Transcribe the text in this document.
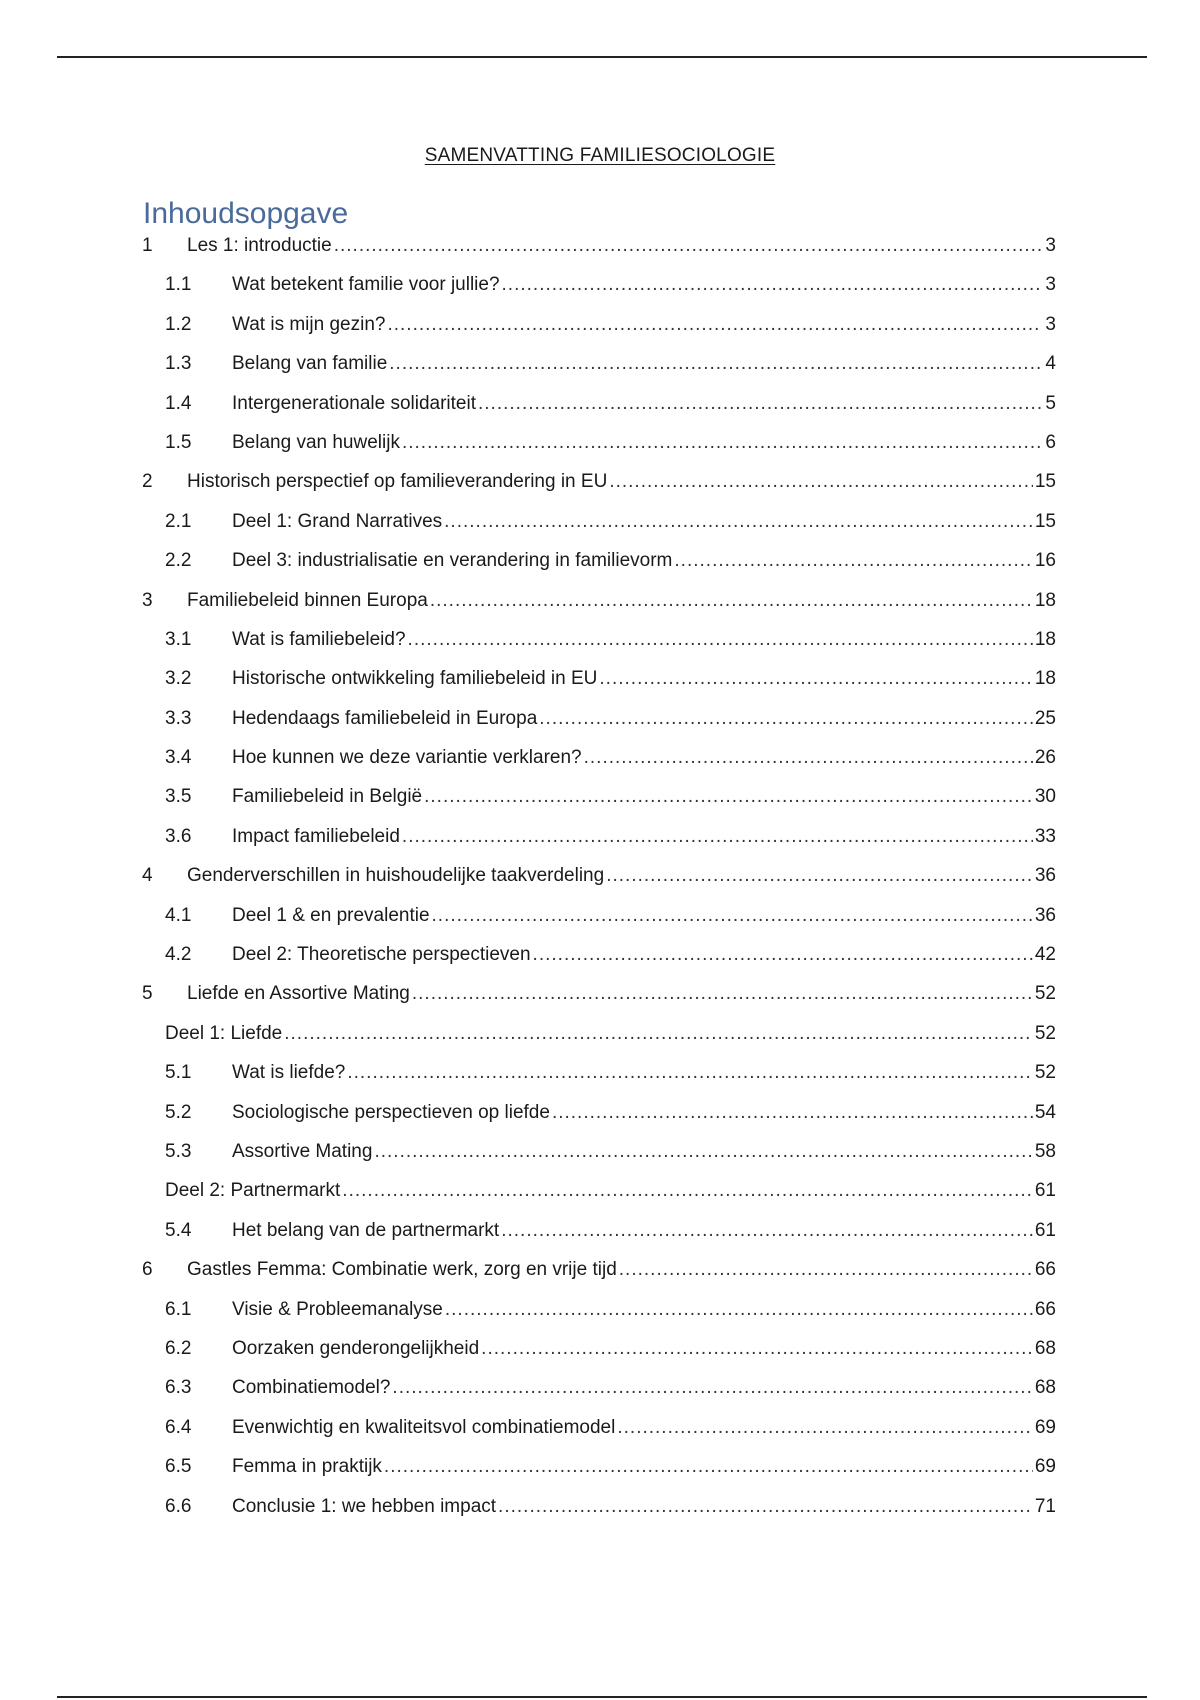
SAMENVATTING FAMILIESOCIOLOGIE
Inhoudsopgave
1	Les 1: introductie .....	3
1.1	Wat betekent familie voor jullie? .....	3
1.2	Wat is mijn gezin? .....	3
1.3	Belang van familie .....	4
1.4	Intergenerationale solidariteit .....	5
1.5	Belang van huwelijk .....	6
2	Historisch perspectief op familieverandering in EU .....	15
2.1	Deel 1: Grand Narratives .....	15
2.2	Deel 3: industrialisatie en verandering in familievorm .....	16
3	Familiebeleid binnen Europa .....	18
3.1	Wat is familiebeleid? .....	18
3.2	Historische ontwikkeling familiebeleid in EU .....	18
3.3	Hedendaags familiebeleid in Europa .....	25
3.4	Hoe kunnen we deze variantie verklaren? .....	26
3.5	Familiebeleid in België .....	30
3.6	Impact familiebeleid .....	33
4	Genderverschillen in huishoudelijke taakverdeling .....	36
4.1	Deel 1 & en prevalentie .....	36
4.2	Deel 2: Theoretische perspectieven .....	42
5	Liefde en Assortive Mating .....	52
Deel 1: Liefde .....	52
5.1	Wat is liefde? .....	52
5.2	Sociologische perspectieven op liefde .....	54
5.3	Assortive Mating .....	58
Deel 2: Partnermarkt .....	61
5.4	Het belang van de partnermarkt .....	61
6	Gastles Femma: Combinatie werk, zorg en vrije tijd .....	66
6.1	Visie & Probleemanalyse .....	66
6.2	Oorzaken genderongelijkheid .....	68
6.3	Combinatiemodel? .....	68
6.4	Evenwichtig en kwaliteitsvol combinatiemodel .....	69
6.5	Femma in praktijk .....	69
6.6	Conclusie 1: we hebben impact .....	71
